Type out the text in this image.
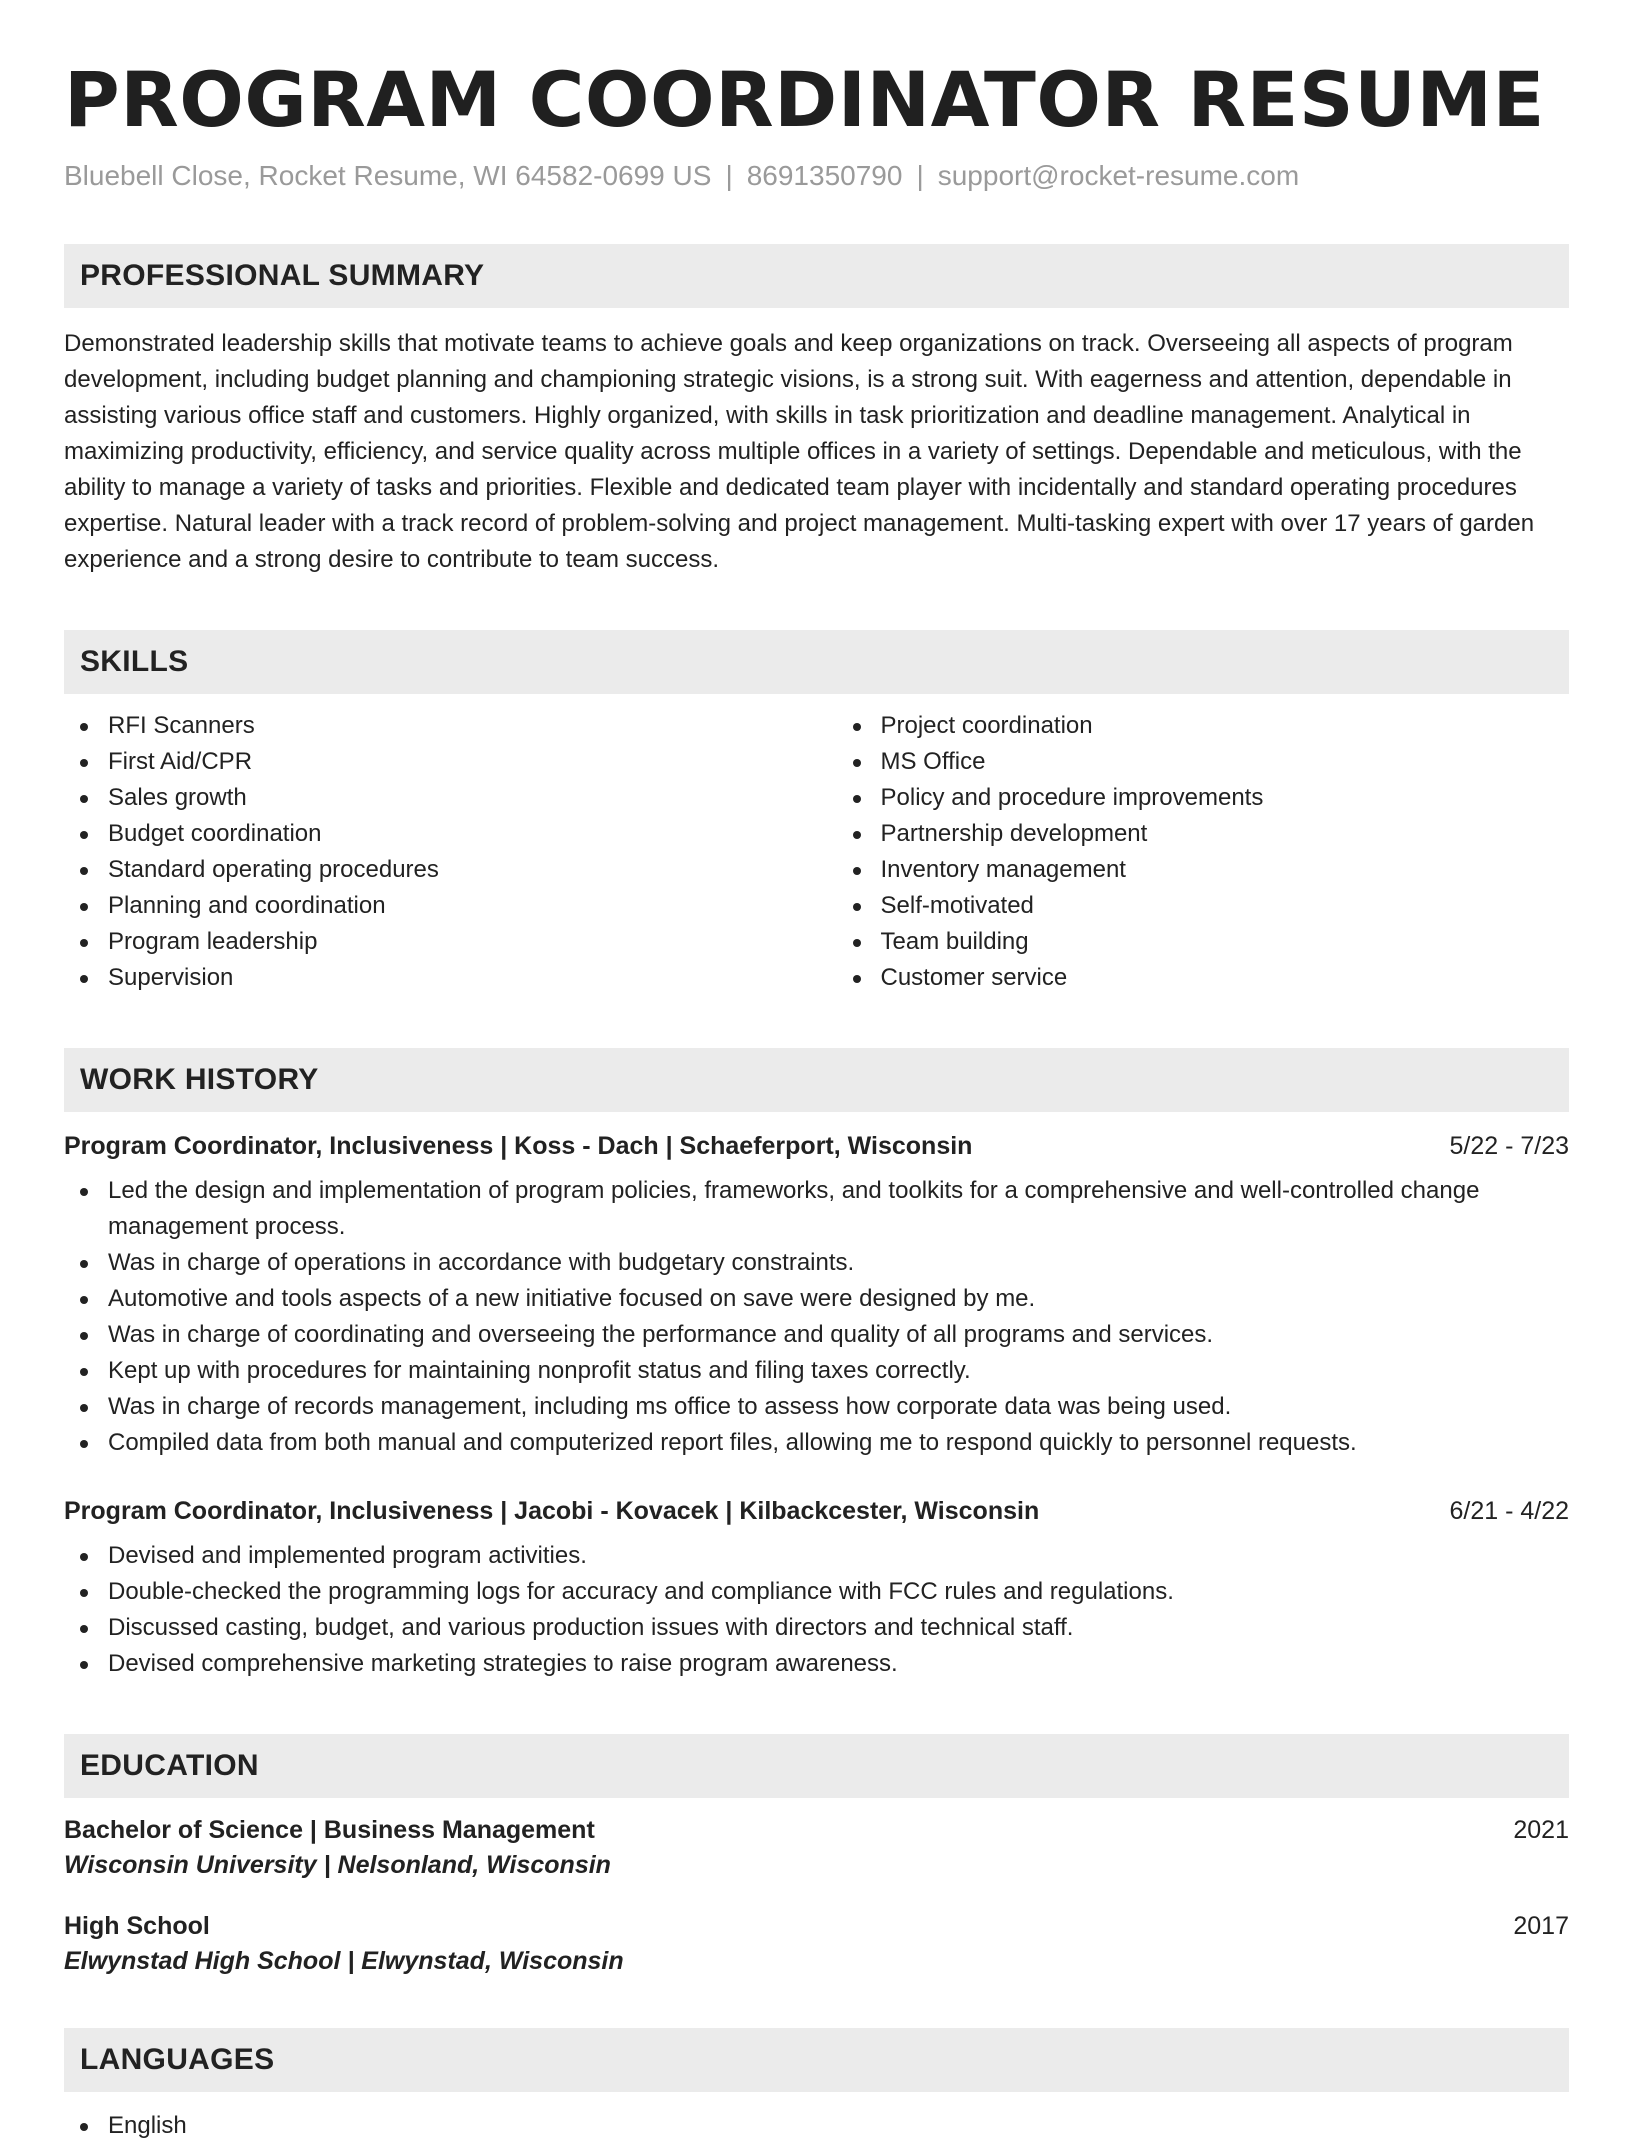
PROGRAM COORDINATOR RESUME
Bluebell Close, Rocket Resume, WI 64582-0699 US | 8691350790 | support@rocket-resume.com
PROFESSIONAL SUMMARY

Demonstrated leadership skills that motivate teams to achieve goals and keep organizations on track. Overseeing all aspects of program development, including budget planning and championing strategic visions, is a strong suit. With eagerness and attention, dependable in assisting various office staff and customers. Highly organized, with skills in task prioritization and deadline management. Analytical in maximizing productivity, efficiency, and service quality across multiple offices in a variety of settings. Dependable and meticulous, with the ability to manage a variety of tasks and priorities. Flexible and dedicated team player with incidentally and standard operating procedures expertise. Natural leader with a track record of problem-solving and project management. Multi-tasking expert with over 17 years of garden experience and a strong desire to contribute to team success.

SKILLS
RFI Scanners
First Aid/CPR
Sales growth
Budget coordination
Standard operating procedures
Planning and coordination
Program leadership
Supervision
Project coordination
MS Office
Policy and procedure improvements
Partnership development
Inventory management
Self-motivated
Team building
Customer service
WORK HISTORY
Program Coordinator, Inclusiveness | Koss - Dach | Schaeferport, Wisconsin	5/22 - 7/23
Led the design and implementation of program policies, frameworks, and toolkits for a comprehensive and well-controlled change management process.
Was in charge of operations in accordance with budgetary constraints.
Automotive and tools aspects of a new initiative focused on save were designed by me.
Was in charge of coordinating and overseeing the performance and quality of all programs and services.
Kept up with procedures for maintaining nonprofit status and filing taxes correctly.
Was in charge of records management, including ms office to assess how corporate data was being used.
Compiled data from both manual and computerized report files, allowing me to respond quickly to personnel requests.
Program Coordinator, Inclusiveness | Jacobi - Kovacek | Kilbackcester, Wisconsin	6/21 - 4/22
Devised and implemented program activities.
Double-checked the programming logs for accuracy and compliance with FCC rules and regulations.
Discussed casting, budget, and various production issues with directors and technical staff.
Devised comprehensive marketing strategies to raise program awareness.
EDUCATION
Bachelor of Science | Business Management	2021
Wisconsin University | Nelsonland, Wisconsin
High School	2017
Elwynstad High School | Elwynstad, Wisconsin
LANGUAGES
English
